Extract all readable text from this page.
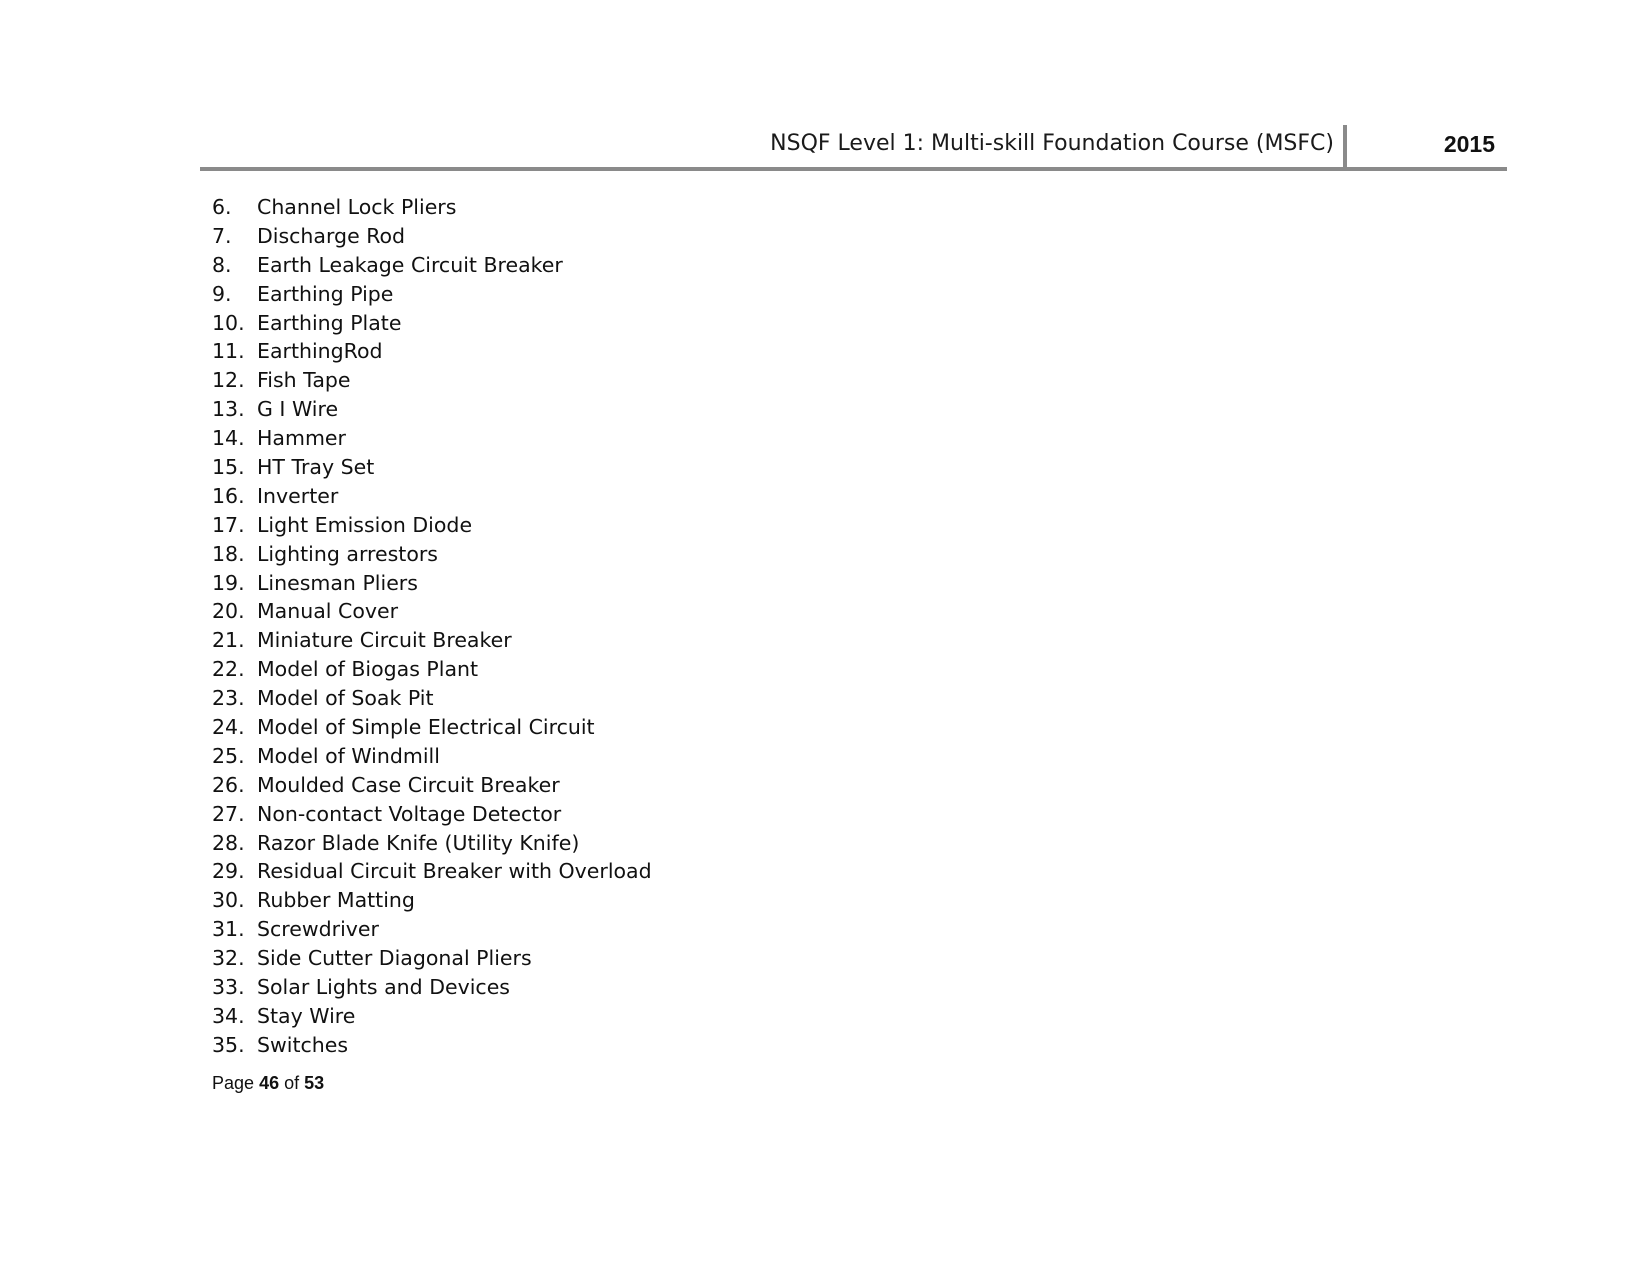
NSQF Level 1: Multi-skill Foundation Course (MSFC)	2015
6.	Channel Lock Pliers
7.	Discharge Rod
8.	Earth Leakage Circuit Breaker
9.	Earthing Pipe
10. Earthing Plate
11. EarthingRod
12. Fish Tape
13. G I Wire
14. Hammer
15. HT Tray Set
16. Inverter
17. Light Emission Diode
18. Lighting arrestors
19. Linesman Pliers
20. Manual Cover
21. Miniature Circuit Breaker
22. Model of Biogas Plant
23. Model of Soak Pit
24. Model of Simple Electrical Circuit
25. Model of Windmill
26. Moulded Case Circuit Breaker
27. Non-contact Voltage Detector
28. Razor Blade Knife (Utility Knife)
29. Residual Circuit Breaker with Overload
30. Rubber Matting
31. Screwdriver
32. Side Cutter Diagonal Pliers
33. Solar Lights and Devices
34. Stay Wire
35. Switches
Page 46 of 53
